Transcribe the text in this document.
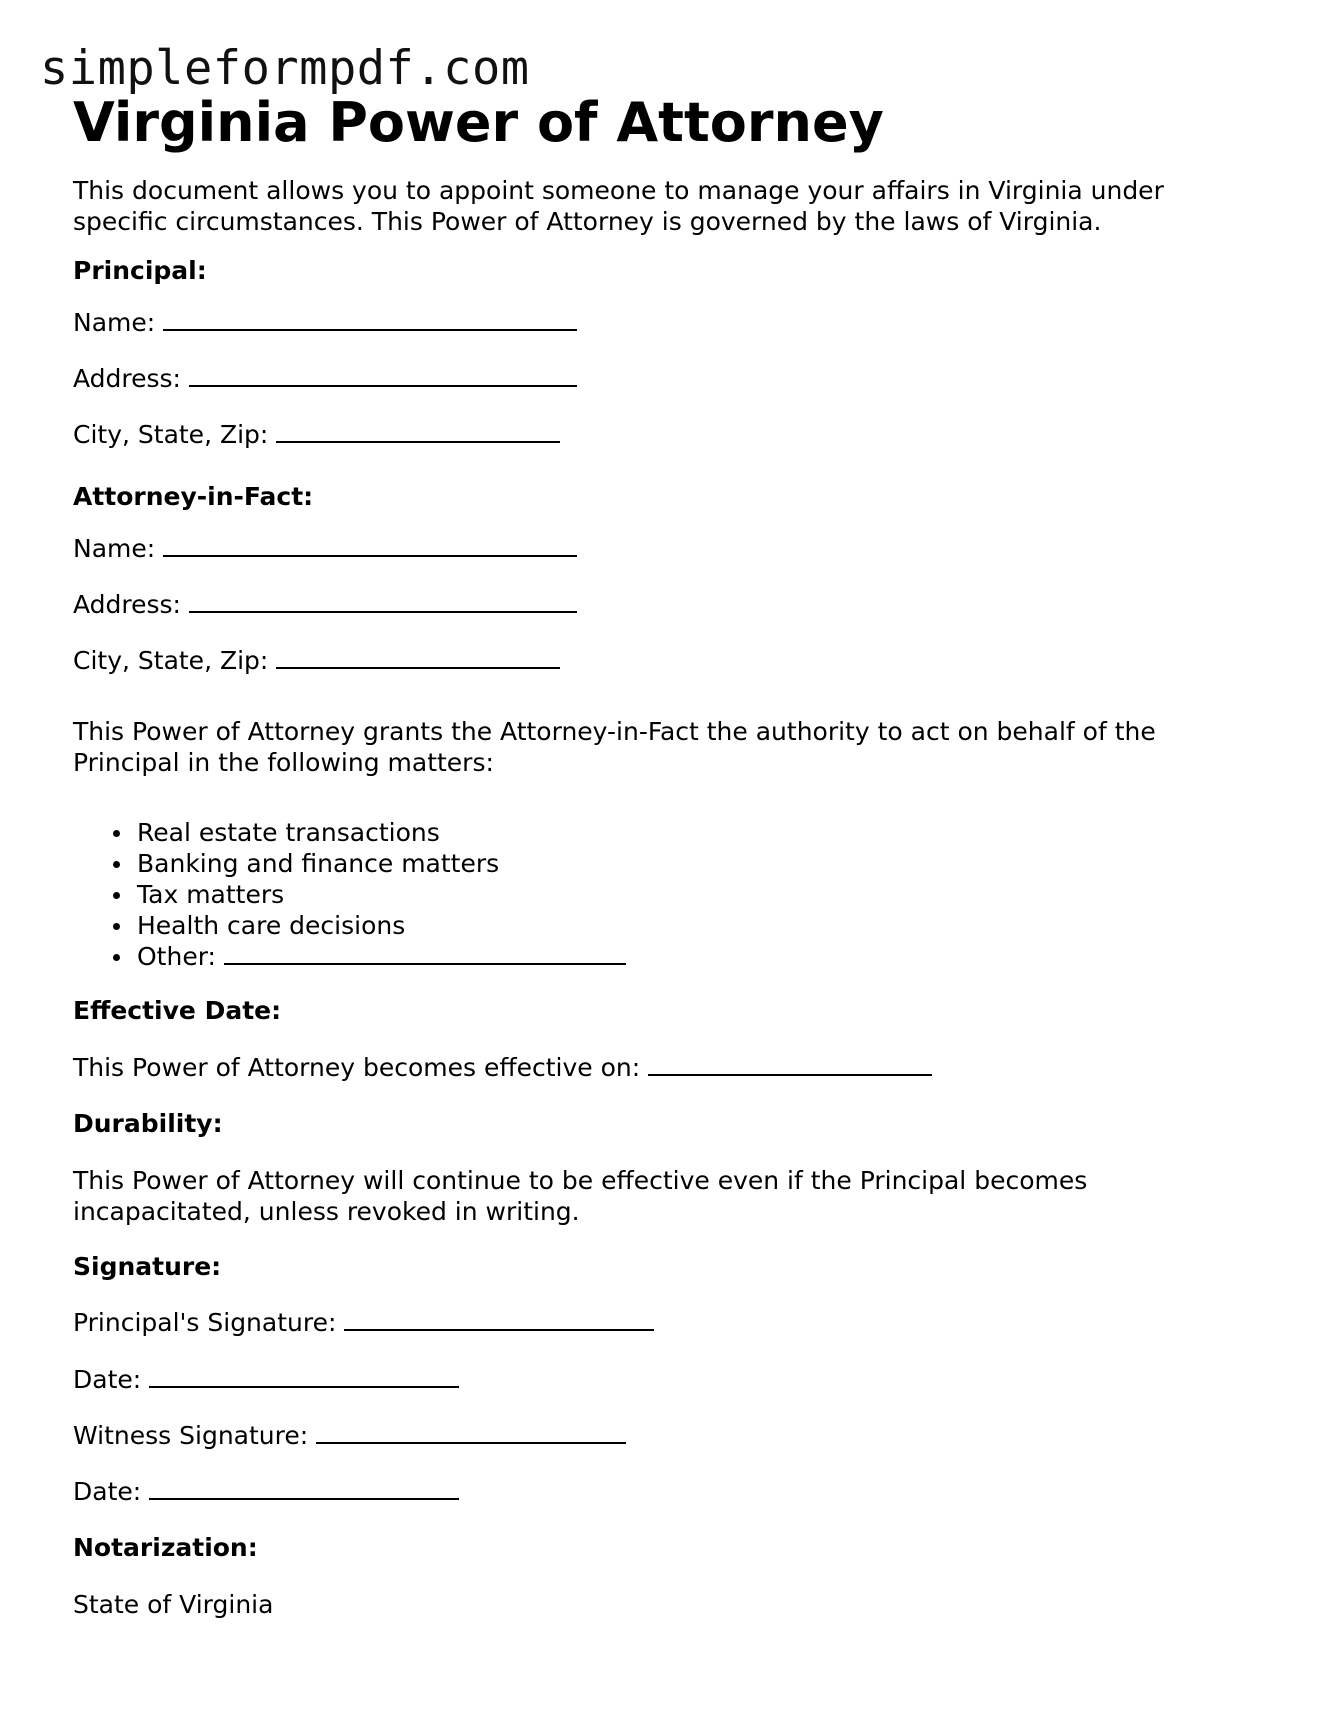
simpleformpdf.com
Virginia Power of Attorney
This document allows you to appoint someone to manage your affairs in Virginia under
specific circumstances. This Power of Attorney is governed by the laws of Virginia.
Principal:
Name:
Address:
City, State, Zip:
Attorney-in-Fact:
Name:
Address:
City, State, Zip:
This Power of Attorney grants the Attorney-in-Fact the authority to act on behalf of the
Principal in the following matters:
Real estate transactions
Banking and finance matters
Tax matters
Health care decisions
Other:
Effective Date:
This Power of Attorney becomes effective on:
Durability:
This Power of Attorney will continue to be effective even if the Principal becomes
incapacitated, unless revoked in writing.
Signature:
Principal's Signature:
Date:
Witness Signature:
Date:
Notarization:
State of Virginia
